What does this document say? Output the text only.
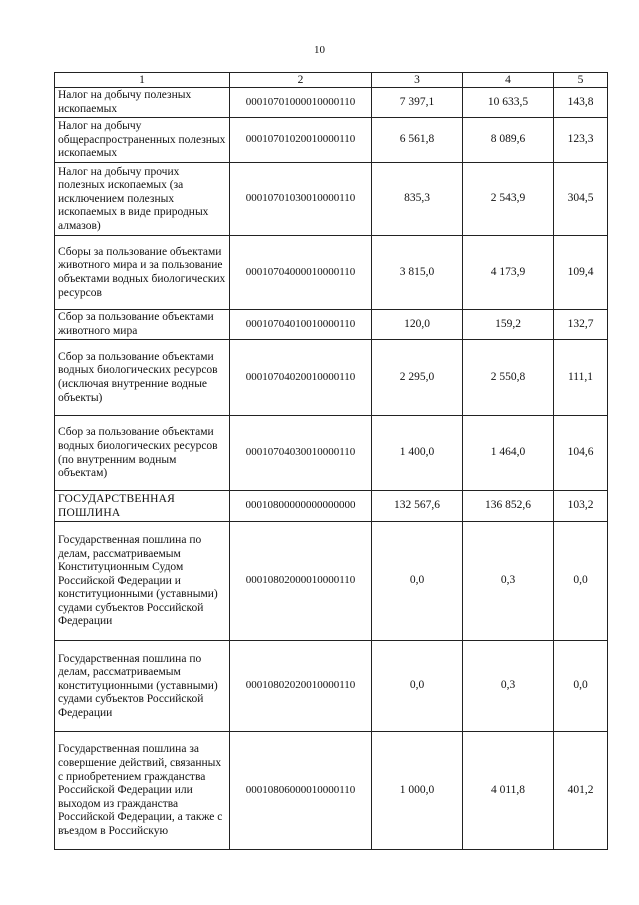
10
1	2	3	4	5
Налог на добычу полезных ископаемых	00010701000010000110	7 397,1	10 633,5	143,8
Налог на добычу общераспространенных полезных ископаемых	00010701020010000110	6 561,8	8 089,6	123,3
Налог на добычу прочих полезных ископаемых (за исключением полезных ископаемых в виде природных алмазов)	00010701030010000110	835,3	2 543,9	304,5
Сборы за пользование объектами животного мира и за пользование объектами водных биологических ресурсов	00010704000010000110	3 815,0	4 173,9	109,4
Сбор за пользование объектами животного мира	00010704010010000110	120,0	159,2	132,7
Сбор за пользование объектами водных биологических ресурсов (исключая внутренние водные объекты)	00010704020010000110	2 295,0	2 550,8	111,1
Сбор за пользование объектами водных биологических ресурсов (по внутренним водным объектам)	00010704030010000110	1 400,0	1 464,0	104,6
ГОСУДАРСТВЕННАЯ ПОШЛИНА	00010800000000000000	132 567,6	136 852,6	103,2
Государственная пошлина по делам, рассматриваемым Конституционным Судом Российской Федерации и конституционными (уставными) судами субъектов Российской Федерации	00010802000010000110	0,0	0,3	0,0
Государственная пошлина по делам, рассматриваемым конституционными (уставными) судами субъектов Российской Федерации	00010802020010000110	0,0	0,3	0,0
Государственная пошлина за совершение действий, связанных с приобретением гражданства Российской Федерации или выходом из гражданства Российской Федерации, а также с въездом в Российскую	00010806000010000110	1 000,0	4 011,8	401,2
